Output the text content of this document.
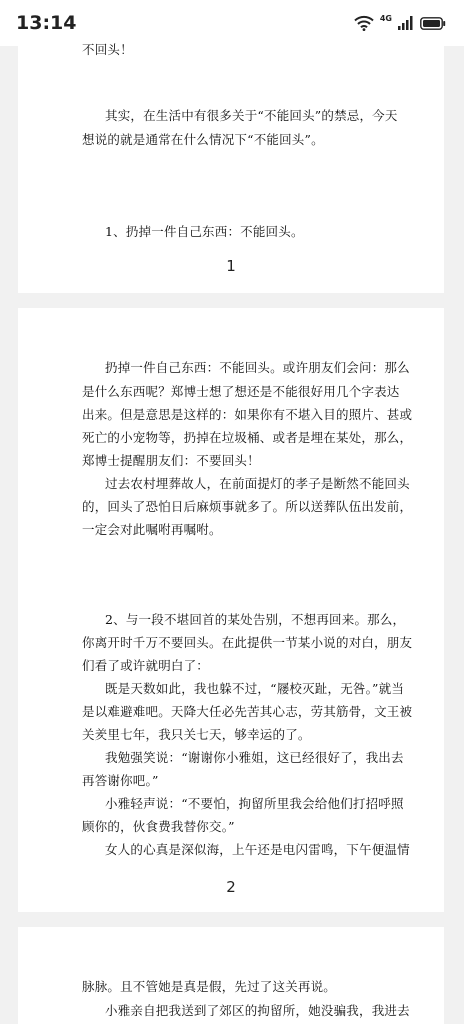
13:14	4G
不回头！
其实，在生活中有很多关于“不能回头”的禁忌，今天
想说的就是通常在什么情况下“不能回头”。
1、扔掉一件自己东西：不能回头。
1
扔掉一件自己东西：不能回头。或许朋友们会问：那么
是什么东西呢？郑博士想了想还是不能很好用几个字表达
出来。但是意思是这样的：如果你有不堪入目的照片、甚或
死亡的小宠物等，扔掉在垃圾桶、或者是埋在某处，那么，
郑博士提醒朋友们：不要回头！
过去农村埋葬故人，在前面提灯的孝子是断然不能回头
的，回头了恐怕日后麻烦事就多了。所以送葬队伍出发前，
一定会对此嘱咐再嘱咐。
2、与一段不堪回首的某处告别，不想再回来。那么，
你离开时千万不要回头。在此提供一节某小说的对白，朋友
们看了或许就明白了：
既是天数如此，我也躲不过，“屦校灭趾，无咎。”就当
是以难避难吧。天降大任必先苦其心志，劳其筋骨，文王被
关羑里七年，我只关七天，够幸运的了。
我勉强笑说：“谢谢你小雅姐，这已经很好了，我出去
再答谢你吧。”
小雅轻声说：“不要怕，拘留所里我会给他们打招呼照
顾你的，伙食费我替你交。”
女人的心真是深似海，上午还是电闪雷鸣，下午便温情
2
脉脉。且不管她是真是假，先过了这关再说。
小雅亲自把我送到了郊区的拘留所，她没骗我，我进去
